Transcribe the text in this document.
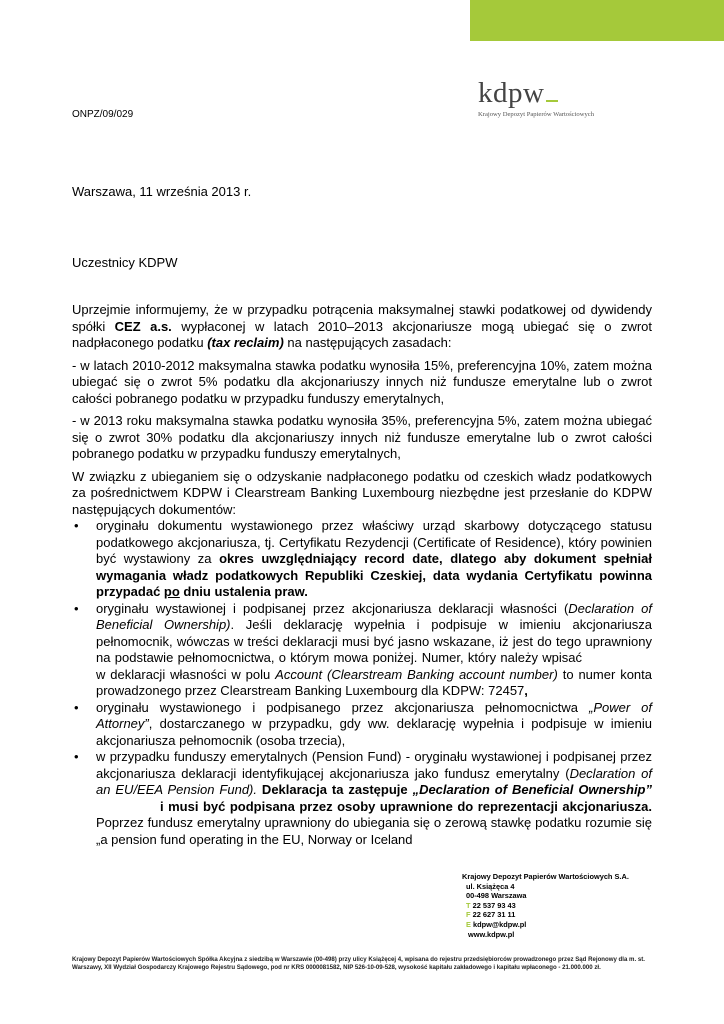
kdpw
Krajowy Depozyt Papierów Wartościowych
ONPZ/09/029
Warszawa, 11 września 2013 r.
Uczestnicy KDPW

Uprzejmie informujemy, że w przypadku potrącenia maksymalnej stawki podatkowej od dywidendy spółki CEZ a.s. wypłaconej w latach 2010–2013 akcjonariusze mogą ubiegać się o zwrot nadpłaconego podatku (tax reclaim) na następujących zasadach:

- w latach 2010-2012 maksymalna stawka podatku wynosiła 15%, preferencyjna 10%, zatem można ubiegać się o zwrot 5% podatku dla akcjonariuszy innych niż fundusze emerytalne lub o zwrot całości pobranego podatku w przypadku funduszy emerytalnych,

- w 2013 roku maksymalna stawka podatku wynosiła 35%, preferencyjna 5%, zatem można ubiegać się o zwrot 30% podatku dla akcjonariuszy innych niż fundusze emerytalne lub o zwrot całości pobranego podatku w przypadku funduszy emerytalnych,

W związku z ubieganiem się o odzyskanie nadpłaconego podatku od czeskich władz podatkowych za pośrednictwem KDPW i Clearstream Banking Luxembourg niezbędne jest przesłanie do KDPW następujących dokumentów:

• oryginału dokumentu wystawionego przez właściwy urząd skarbowy dotyczącego statusu podatkowego akcjonariusza, tj. Certyfikatu Rezydencji (Certificate of Residence), który powinien być wystawiony za okres uwzględniający record date, dlatego aby dokument spełniał wymagania władz podatkowych Republiki Czeskiej, data wydania Certyfikatu powinna przypadać po dniu ustalenia praw.
• oryginału wystawionej i podpisanej przez akcjonariusza deklaracji własności (Declaration of Beneficial Ownership). Jeśli deklarację wypełnia i podpisuje w imieniu akcjonariusza pełnomocnik, wówczas w treści deklaracji musi być jasno wskazane, iż jest do tego uprawniony na podstawie pełnomocnictwa, o którym mowa poniżej. Numer, który należy wpisaćw deklaracji własności w polu Account (Clearstream Banking account number) to numer konta prowadzonego przez Clearstream Banking Luxembourg dla KDPW: 72457,
• oryginału wystawionego i podpisanego przez akcjonariusza pełnomocnictwa „Power of Attorney”, dostarczanego w przypadku, gdy ww. deklarację wypełnia i podpisuje w imieniu akcjonariusza pełnomocnik (osoba trzecia),
• w przypadku funduszy emerytalnych (Pension Fund) - oryginału wystawionej i podpisanej przez akcjonariusza deklaracji identyfikującej akcjonariusza jako fundusz emerytalny (Declaration of an EU/EEA Pension Fund). Deklaracja ta zastępuje „Declaration of Beneficial Ownership”i musi być podpisana przez osoby uprawnione do reprezentacji akcjonariusza. Poprzez fundusz emerytalny uprawniony do ubiegania się o zerową stawkę podatku rozumie się „a pension fund operating in the EU, Norway or Iceland
Krajowy Depozyt Papierów Wartościowych S.A.
ul. Książęca 4
00-498 Warszawa
T 22 537 93 43
F 22 627 31 11
E kdpw@kdpw.pl
www.kdpw.pl
Krajowy Depozyt Papierów Wartościowych Spółka Akcyjna z siedzibą w Warszawie (00-498) przy ulicy Książęcej 4, wpisana do rejestru przedsiębiorców prowadzonego przez Sąd Rejonowy dla m. st. Warszawy, XII Wydział Gospodarczy Krajowego Rejestru Sądowego, pod nr KRS 0000081582, NIP 526-10-09-528, wysokość kapitału zakładowego i kapitału wpłaconego - 21.000.000 zł.
